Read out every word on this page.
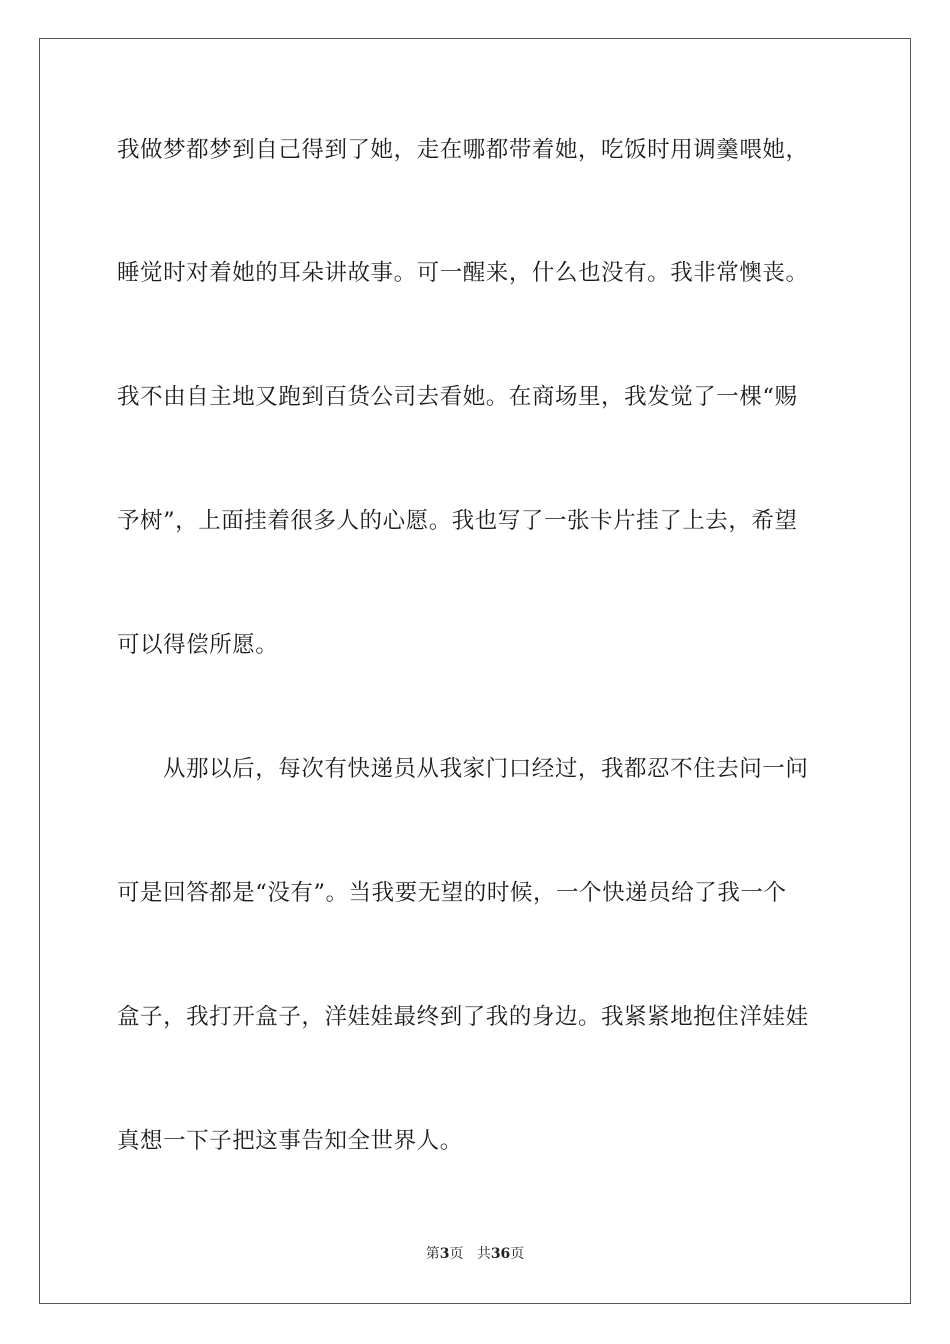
我做梦都梦到自己得到了她，走在哪都带着她，吃饭时用调羹喂她，
睡觉时对着她的耳朵讲故事。可一醒来，什么也没有。我非常懊丧。
我不由自主地又跑到百货公司去看她。在商场里，我发觉了一棵“赐
予树”，上面挂着很多人的心愿。我也写了一张卡片挂了上去，希望
可以得偿所愿。
从那以后，每次有快递员从我家门口经过，我都忍不住去问一问
可是回答都是“没有”。当我要无望的时候，一个快递员给了我一个
盒子，我打开盒子，洋娃娃最终到了我的身边。我紧紧地抱住洋娃娃
真想一下子把这事告知全世界人。
第3页 共36页
